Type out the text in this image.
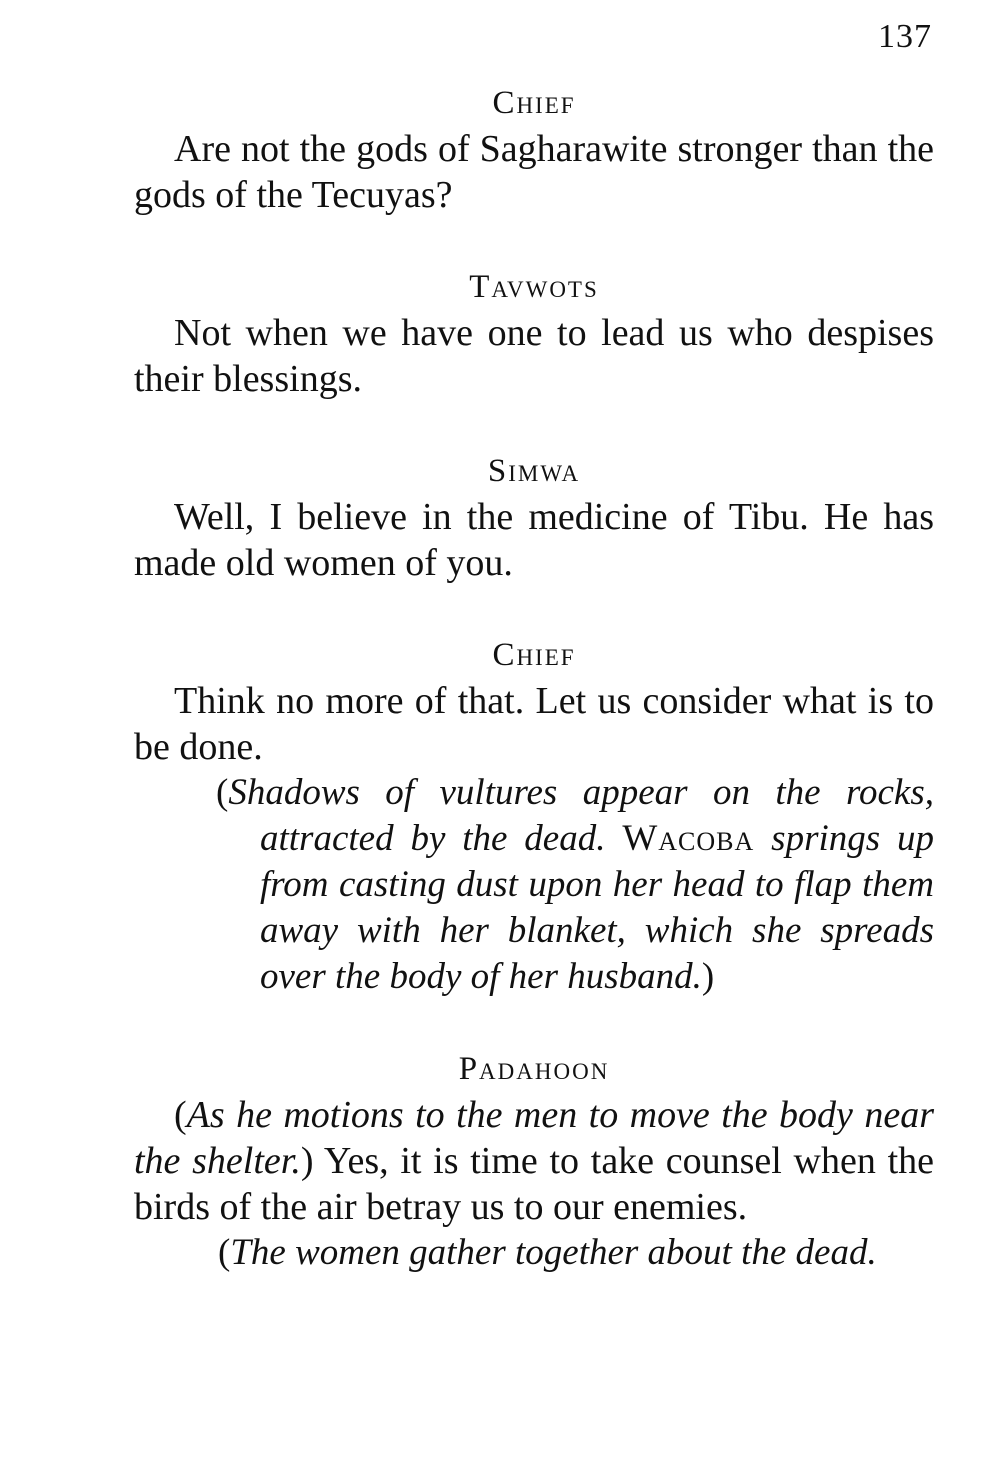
137
Chief

Are not the gods of Sagharawite stronger than the gods of the Tecuyas?

Tavwots

Not when we have one to lead us who despises their blessings.

Simwa

Well, I believe in the medicine of Tibu. He has made old women of you.

Chief

Think no more of that. Let us consider what is to be done.

(Shadows of vultures appear on the rocks, attracted by the dead. Wacoba springs up from casting dust upon her head to flap them away with her blanket, which she spreads over the body of her husband.)

Padahoon

(As he motions to the men to move the body near the shelter.) Yes, it is time to take counsel when the birds of the air betray us to our enemies.

(The women gather together about the dead.
